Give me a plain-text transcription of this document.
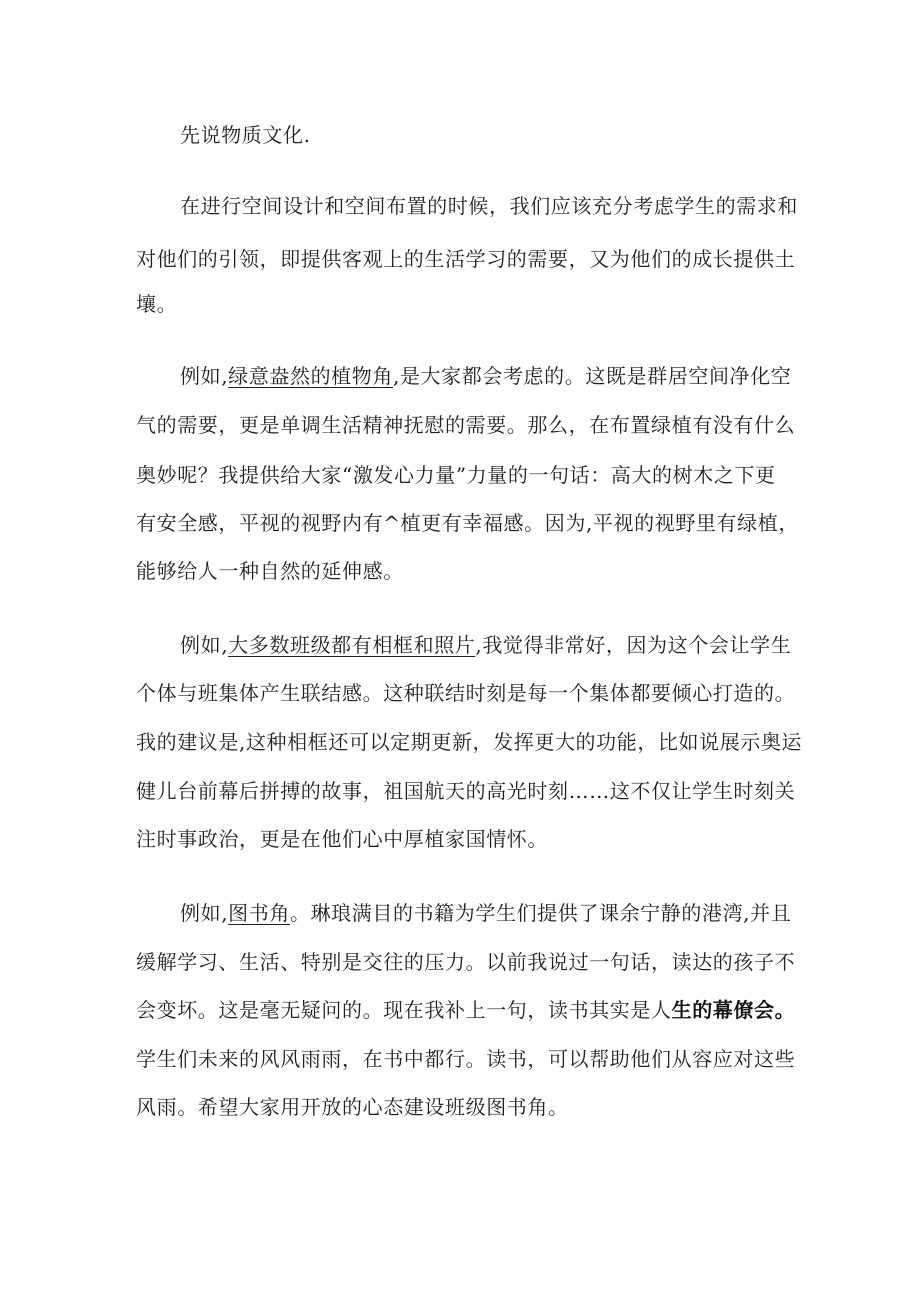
先说物质文化.
在进行空间设计和空间布置的时候，我们应该充分考虑学生的需求和
对他们的引领，即提供客观上的生活学习的需要，又为他们的成长提供土
壤。
例如,绿意盎然的植物角,是大家都会考虑的。这既是群居空间净化空
气的需要，更是单调生活精神抚慰的需要。那么，在布置绿植有没有什么
奥妙呢？我提供给大家“激发心力量”力量的一句话：高大的树木之下更
有安全感，平视的视野内有^植更有幸福感。因为,平视的视野里有绿植，
能够给人一种自然的延伸感。
例如,大多数班级都有相框和照片,我觉得非常好，因为这个会让学生
个体与班集体产生联结感。这种联结时刻是每一个集体都要倾心打造的。
我的建议是,这种相框还可以定期更新，发挥更大的功能，比如说展示奥运
健儿台前幕后拼搏的故事，祖国航天的高光时刻……这不仅让学生时刻关
注时事政治，更是在他们心中厚植家国情怀。
例如,图书角。琳琅满目的书籍为学生们提供了课余宁静的港湾,并且
缓解学习、生活、特别是交往的压力。以前我说过一句话，读达的孩子不
会变坏。这是毫无疑问的。现在我补上一句，读书其实是人生的幕僚会。
学生们未来的风风雨雨，在书中都行。读书，可以帮助他们从容应对这些
风雨。希望大家用开放的心态建设班级图书角。
